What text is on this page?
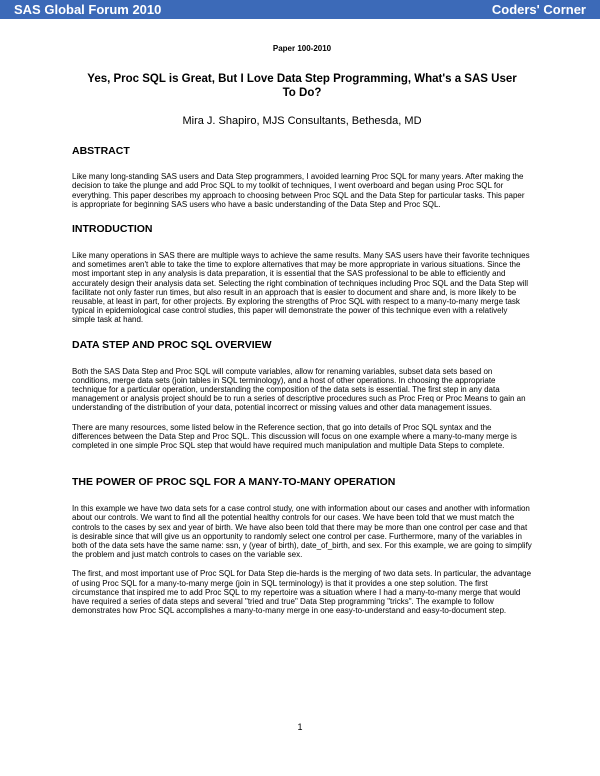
SAS Global Forum 2010	Coders' Corner

Paper 100-2010

Yes, Proc SQL is Great, But I Love Data Step Programming, What's a SAS User To Do?
Mira J. Shapiro, MJS Consultants, Bethesda, MD
ABSTRACT

Like many long-standing SAS users and Data Step programmers, I avoided learning Proc SQL for many years. After making the decision to take the plunge and add Proc SQL to my toolkit of techniques, I went overboard and began using Proc SQL for everything. This paper describes my approach to choosing between Proc SQL and the Data Step for particular tasks. This paper is appropriate for beginning SAS users who have a basic understanding of the Data Step and Proc SQL.

INTRODUCTION

Like many operations in SAS there are multiple ways to achieve the same results. Many SAS users have their favorite techniques and sometimes aren't able to take the time to explore alternatives that may be more appropriate in various situations. Since the most important step in any analysis is data preparation, it is essential that the SAS professional to be able to efficiently and accurately design their analysis data set. Selecting the right combination of techniques including Proc SQL and the Data Step will facilitate not only faster run times, but also result in an approach that is easier to document and share and, is more likely to be reusable, at least in part, for other projects. By exploring the strengths of Proc SQL with respect to a many-to-many merge task typical in epidemiological case control studies, this paper will demonstrate the power of this technique even with a relatively simple task at hand.

DATA STEP AND PROC SQL OVERVIEW

Both the SAS Data Step and Proc SQL will compute variables, allow for renaming variables, subset data sets based on conditions, merge data sets (join tables in SQL terminology), and a host of other operations. In choosing the appropriate technique for a particular operation, understanding the composition of the data sets is essential. The first step in any data management or analysis project should be to run a series of descriptive procedures such as Proc Freq or Proc Means to gain an understanding of the distribution of your data, potential incorrect or missing values and other data management issues.

There are many resources, some listed below in the Reference section, that go into details of Proc SQL syntax and the differences between the Data Step and Proc SQL. This discussion will focus on one example where a many-to-many merge is completed in one simple Proc SQL step that would have required much manipulation and multiple Data Steps to complete.

THE POWER OF PROC SQL FOR A MANY-TO-MANY OPERATION

In this example we have two data sets for a case control study, one with information about our cases and another with information about our controls. We want to find all the potential healthy controls for our cases. We have been told that we must match the controls to the cases by sex and year of birth. We have also been told that there may be more than one control per case and that is desirable since that will give us an opportunity to randomly select one control per case. Furthermore, many of the variables in both of the data sets have the same name: ssn, y (year of birth), date_of_birth, and sex. For this example, we are going to simplify the problem and just match controls to cases on the variable sex.

The first, and most important use of Proc SQL for Data Step die-hards is the merging of two data sets. In particular, the advantage of using Proc SQL for a many-to-many merge (join in SQL terminology) is that it provides a one step solution. The first circumstance that inspired me to add Proc SQL to my repertoire was a situation where I had a many-to-many merge that would have required a series of data steps and several "tried and true" Data Step programming "tricks". The example to follow demonstrates how Proc SQL accomplishes a many-to-many merge in one easy-to-understand and easy-to-document step.

1
